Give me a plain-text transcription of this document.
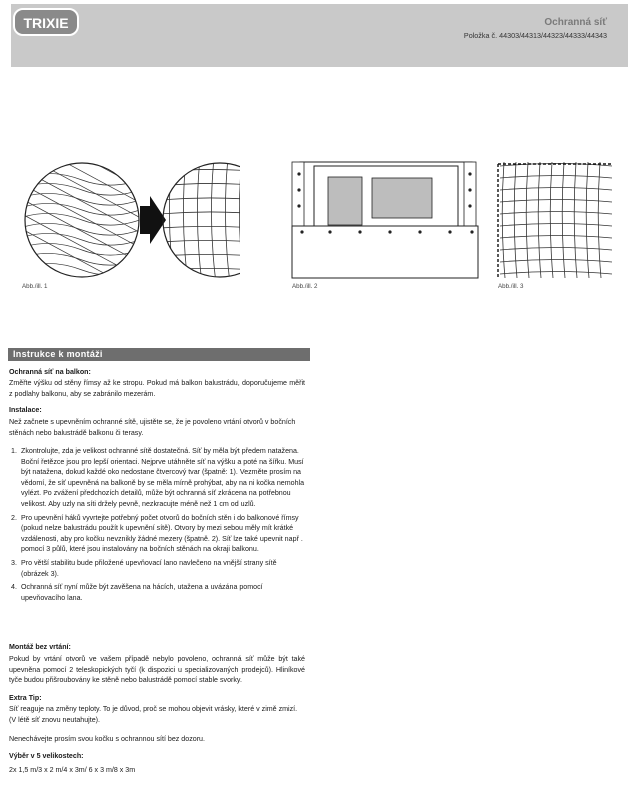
TRIXIE	Ochranná síť
Položka č. 44303/44313/44323/44333/44343
Abb./ill. 1	Abb./ill. 2	Abb./ill. 3
Instrukce k montáži
Ochranná síť na balkon:
Změřte výšku od stěny římsy až ke stropu. Pokud má balkon balustrádu, doporučujeme měřit z podlahy balkonu, aby se zabránilo mezerám.
Instalace:
Než začnete s upevněním ochranné sítě, ujistěte se, že je povoleno vrtání otvorů v bočních stěnách nebo balustrádě balkonu či terasy.
1. Zkontrolujte, zda je velikost ochranné sítě dostatečná. Síť by měla být předem natažena. Boční řetězce jsou pro lepší orientaci. Nejprve utáhněte síť na výšku a poté na šířku. Musí být natažena, dokud každé oko nedostane čtvercový tvar (špatně: 1). Vezměte prosím na vědomí, že síť upevněná na balkoně by se měla mírně prohýbat, aby na ni kočka nemohla vylézt. Po zvážení předchozích detailů, může být ochranná síť zkrácena na potřebnou velikost. Aby uzly na síti držely pevně, nezkracujte méně než 1 cm od uzlů.
2. Pro upevnění háků vyvrtejte potřebný počet otvorů do bočních stěn i do balkonové římsy (pokud nelze balustrádu použít k upevnění sítě). Otvory by mezi sebou měly mít krátké vzdálenosti, aby pro kočku nevznikly žádné mezery (špatně. 2). Síť lze také upevnit např . pomocí 3 půlů, které jsou instalovány na bočních stěnách na okraji balkonu.
3. Pro větší stabilitu bude přiložené upevňovací lano navlečeno na vnější strany sítě (obrázek 3).
4. Ochranná síť nyní může být zavěšena na hácích, utažena a uvázána pomocí upevňovacího lana.
Montáž bez vrtání:
Pokud by vrtání otvorů ve vašem případě nebylo povoleno, ochranná síť může být také upevněna pomocí 2 teleskopických tyčí (k dispozici u specializovaných prodejců). Hliníkové tyče budou přišroubovány ke stěně nebo balustrádě pomocí stable svorky.
Extra Tip:
Síť reaguje na změny teploty. To je důvod, proč se mohou objevit vrásky, které v zimě zmizí. (V létě síť znovu neutahujte).
Nenechávejte prosím svou kočku s ochrannou sítí bez dozoru.
Výběr v 5 velikostech:
2x 1,5 m/3 x 2 m/4 x 3m/ 6 x 3 m/8 x 3m
